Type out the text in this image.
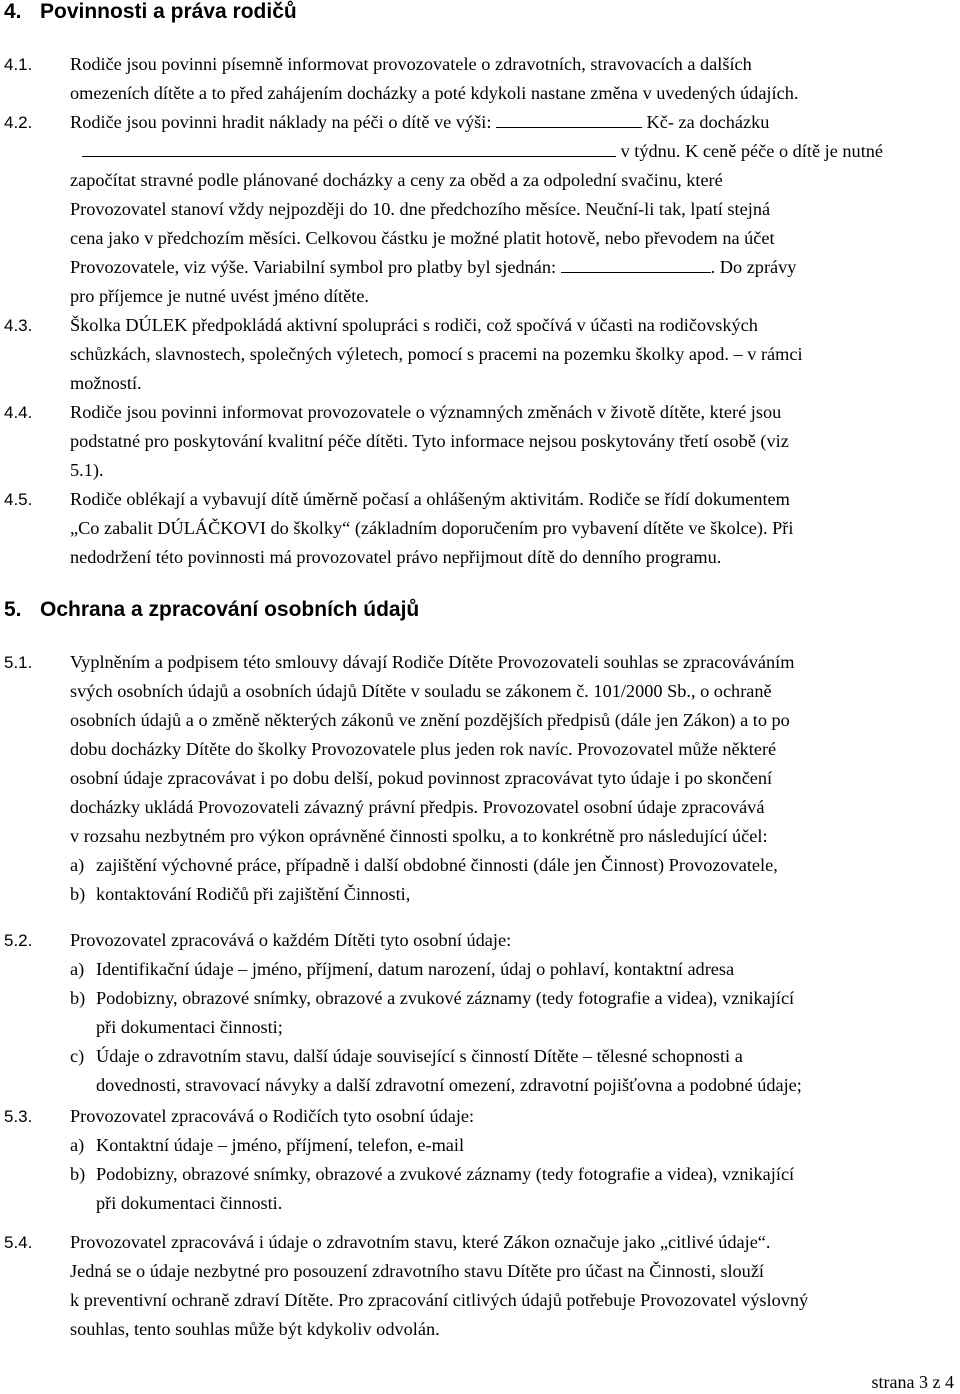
4. Povinnosti a práva rodičů
4.1. Rodiče jsou povinni písemně informovat provozovatele o zdravotních, stravovacích a dalších
omezeních dítěte a to před zahájením docházky a poté kdykoli nastane změna v uvedených údajích.
4.2. Rodiče jsou povinni hradit náklady na péči o dítě ve výši:	Kč- za docházku
v týdnu. K ceně péče o dítě je nutné
započítat stravné podle plánované docházky a ceny za oběd a za odpolední svačinu, které
Provozovatel stanoví vždy nejpozději do 10. dne předchozího měsíce. Neuční-li tak, lpatí stejná
cena jako v předchozím měsíci. Celkovou částku je možné platit hotově, nebo převodem na účet
Provozovatele, viz výše. Variabilní symbol pro platby byl sjednán:	. Do zprávy
pro příjemce je nutné uvést jméno dítěte.
4.3. Školka DÚLEK předpokládá aktivní spolupráci s rodiči, což spočívá v účasti na rodičovských
schůzkách, slavnostech, společných výletech, pomocí s pracemi na pozemku školky apod. – v rámci
možností.
4.4. Rodiče jsou povinni informovat provozovatele o významných změnách v životě dítěte, které jsou
podstatné pro poskytování kvalitní péče dítěti. Tyto informace nejsou poskytovány třetí osobě (viz
5.1).
4.5. Rodiče oblékají a vybavují dítě úměrně počasí a ohlášeným aktivitám. Rodiče se řídí dokumentem
„Co zabalit DÚLÁČKOVI do školky“ (základním doporučením pro vybavení dítěte ve školce). Při
nedodržení této povinnosti má provozovatel právo nepřijmout dítě do denního programu.
5. Ochrana a zpracování osobních údajů
5.1. Vyplněním a podpisem této smlouvy dávají Rodiče Dítěte Provozovateli souhlas se zpracováváním
svých osobních údajů a osobních údajů Dítěte v souladu se zákonem č. 101/2000 Sb., o ochraně
osobních údajů a o změně některých zákonů ve znění pozdějších předpisů (dále jen Zákon) a to po
dobu docházky Dítěte do školky Provozovatele plus jeden rok navíc. Provozovatel může některé
osobní údaje zpracovávat i po dobu delší, pokud povinnost zpracovávat tyto údaje i po skončení
docházky ukládá Provozovateli závazný právní předpis. Provozovatel osobní údaje zpracovává
v rozsahu nezbytném pro výkon oprávněné činnosti spolku, a to konkrétně pro následující účel:
a) zajištění výchovné práce, případně i další obdobné činnosti (dále jen Činnost) Provozovatele,
b) kontaktování Rodičů při zajištění Činnosti,
5.2. Provozovatel zpracovává o každém Dítěti tyto osobní údaje:
a) Identifikační údaje – jméno, příjmení, datum narození, údaj o pohlaví, kontaktní adresa
b) Podobizny, obrazové snímky, obrazové a zvukové záznamy (tedy fotografie a videa), vznikající
při dokumentaci činnosti;
c) Údaje o zdravotním stavu, další údaje související s činností Dítěte – tělesné schopnosti a
dovednosti, stravovací návyky a další zdravotní omezení, zdravotní pojišťovna a podobné údaje;
5.3. Provozovatel zpracovává o Rodičích tyto osobní údaje:
a) Kontaktní údaje – jméno, příjmení, telefon, e-mail
b) Podobizny, obrazové snímky, obrazové a zvukové záznamy (tedy fotografie a videa), vznikající
při dokumentaci činnosti.
5.4. Provozovatel zpracovává i údaje o zdravotním stavu, které Zákon označuje jako „citlivé údaje“.
Jedná se o údaje nezbytné pro posouzení zdravotního stavu Dítěte pro účast na Činnosti, slouží
k preventivní ochraně zdraví Dítěte. Pro zpracování citlivých údajů potřebuje Provozovatel výslovný
souhlas, tento souhlas může být kdykoliv odvolán.
strana 3 z 4
